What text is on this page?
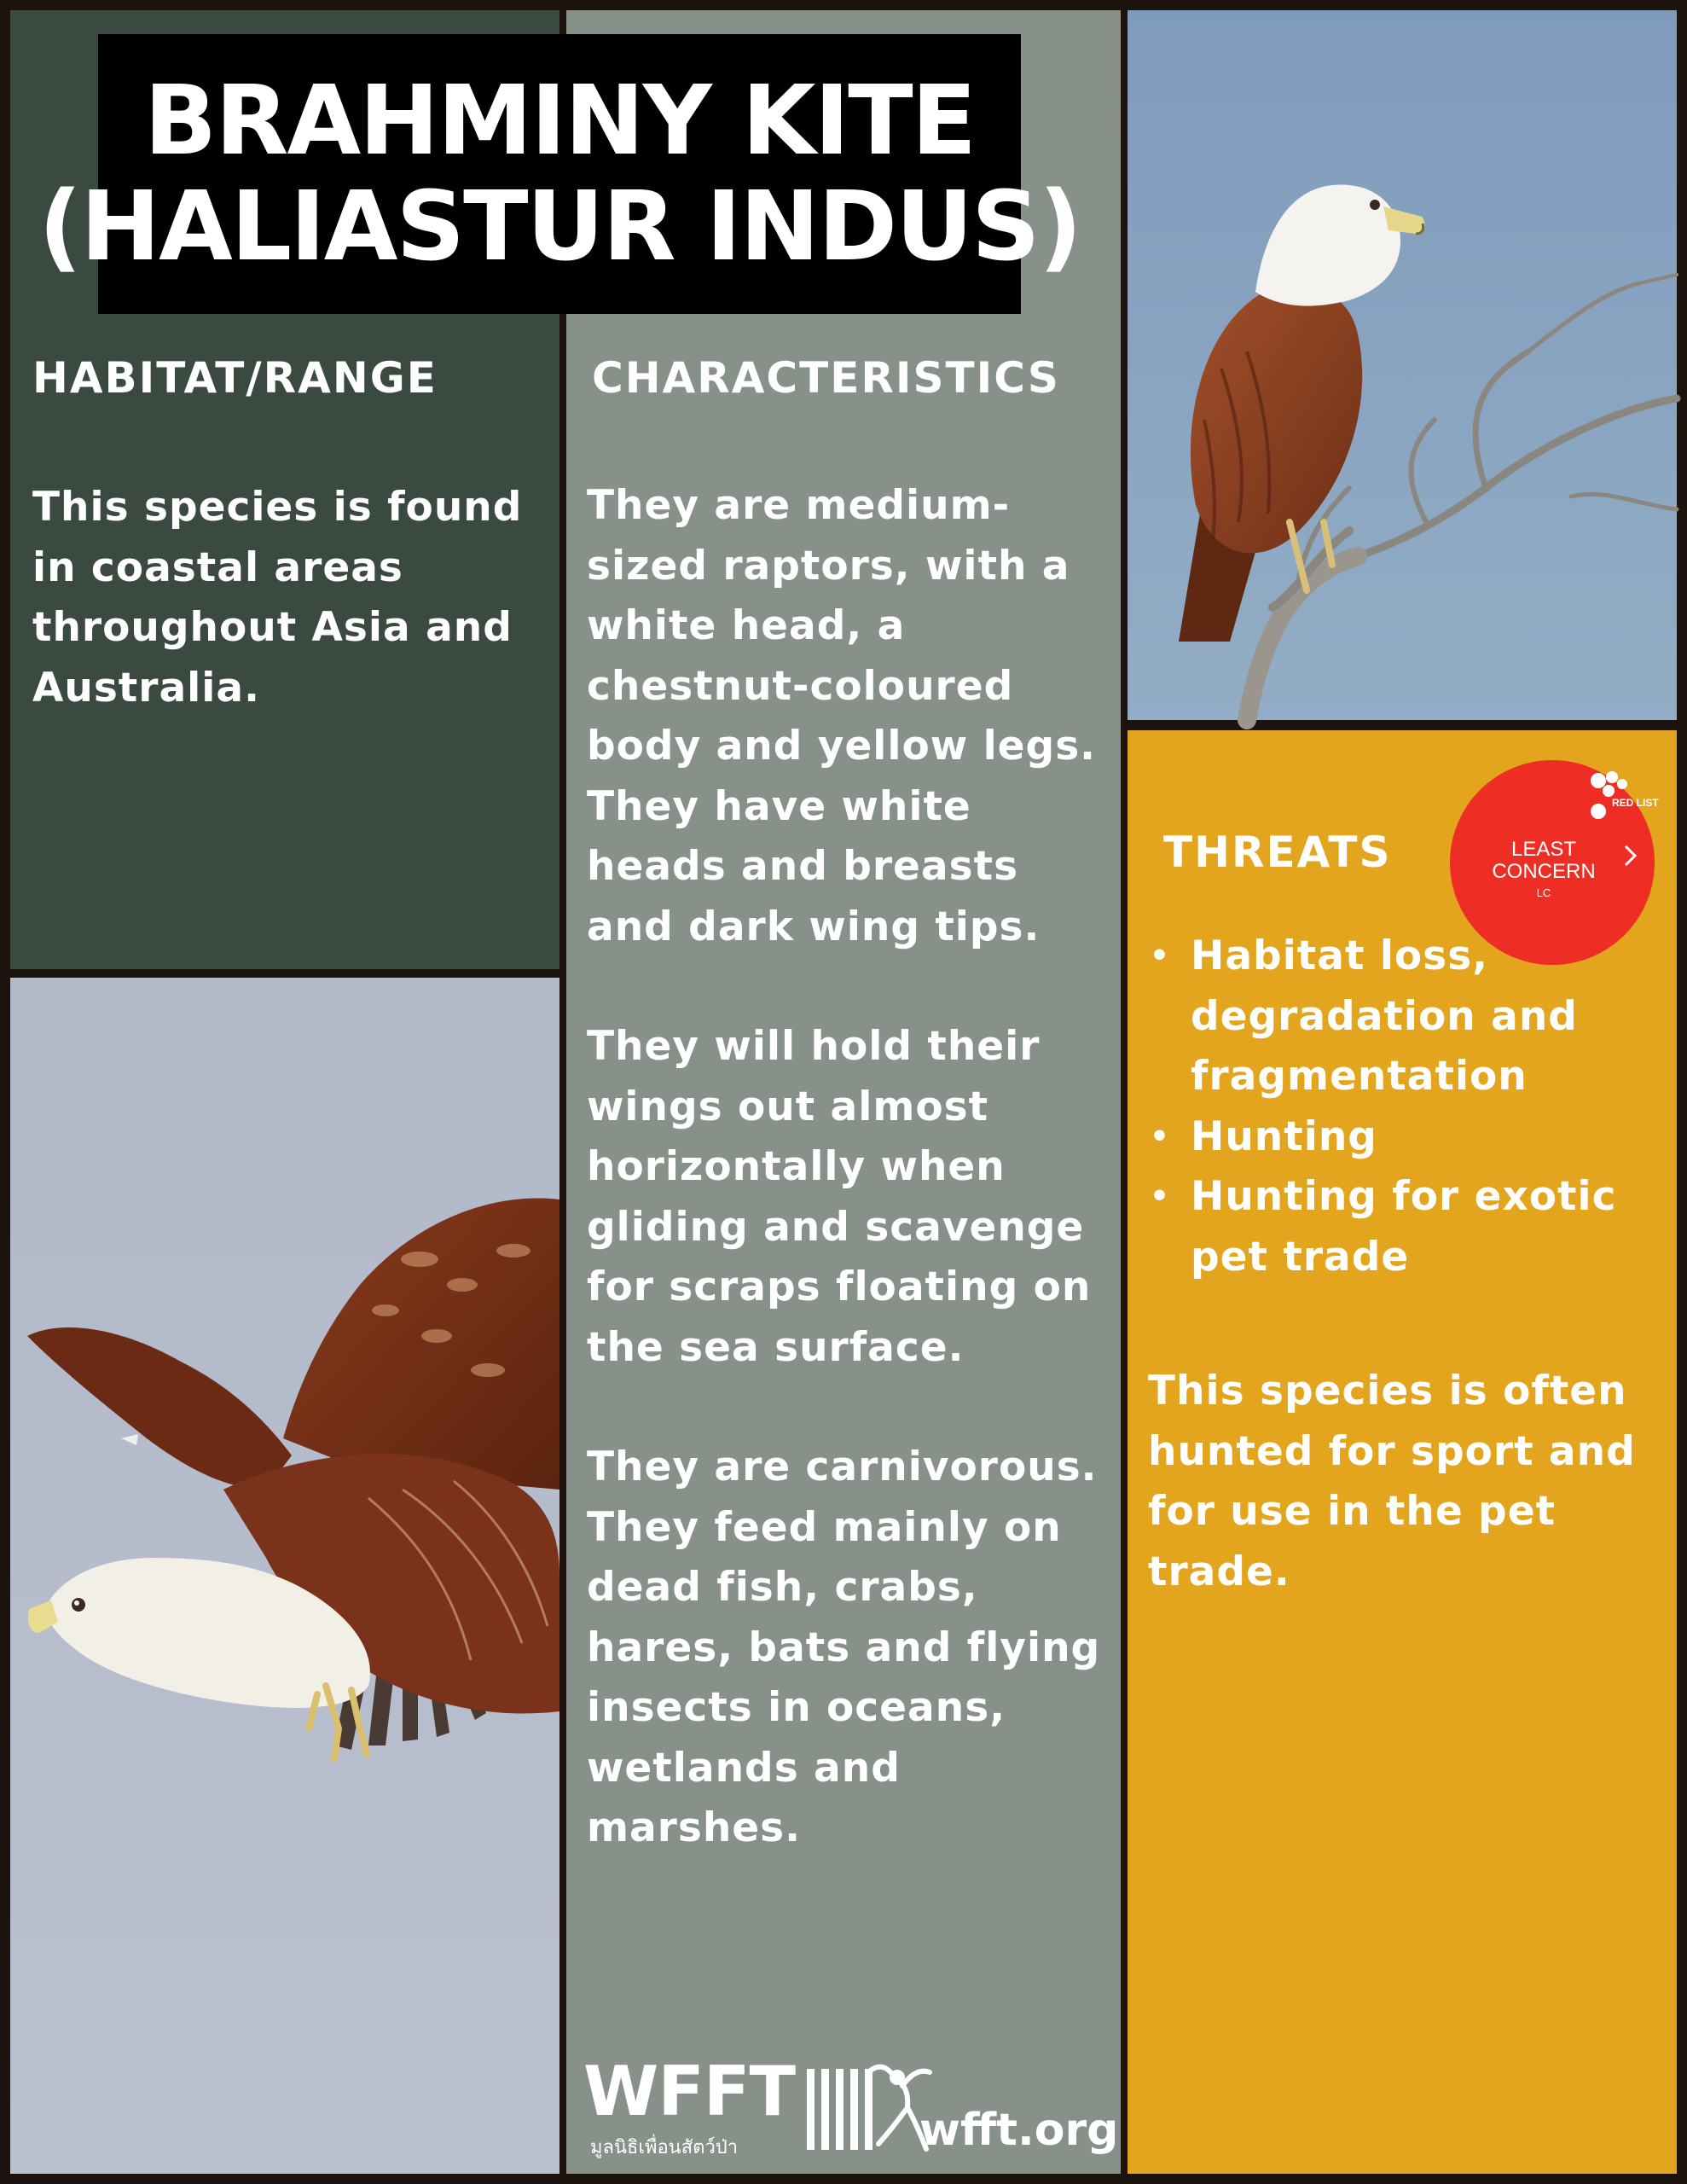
HABITAT/RANGE
This species is found in coastal areas throughout Asia and Australia.
CHARACTERISTICS

They are medium-sized raptors, with a white head, a chestnut-coloured body and yellow legs. They have white heads and breasts and dark wing tips.

They will hold their wings out almost horizontally when gliding and scavenge for scraps floating on the sea surface.

They are carnivorous. They feed mainly on dead fish, crabs, hares, bats and flying insects in oceans, wetlands and marshes.

WFFT
มูลนิธิเพื่อนสัตว์ป่า	wfft.org
THREATS
RED LIST
LEAST
CONCERN
LC
• Habitat loss, degradation and fragmentation
• Hunting
• Hunting for exotic pet trade
This species is often hunted for sport and for use in the pet trade.
BRAHMINY KITE
(HALIASTUR INDUS)
